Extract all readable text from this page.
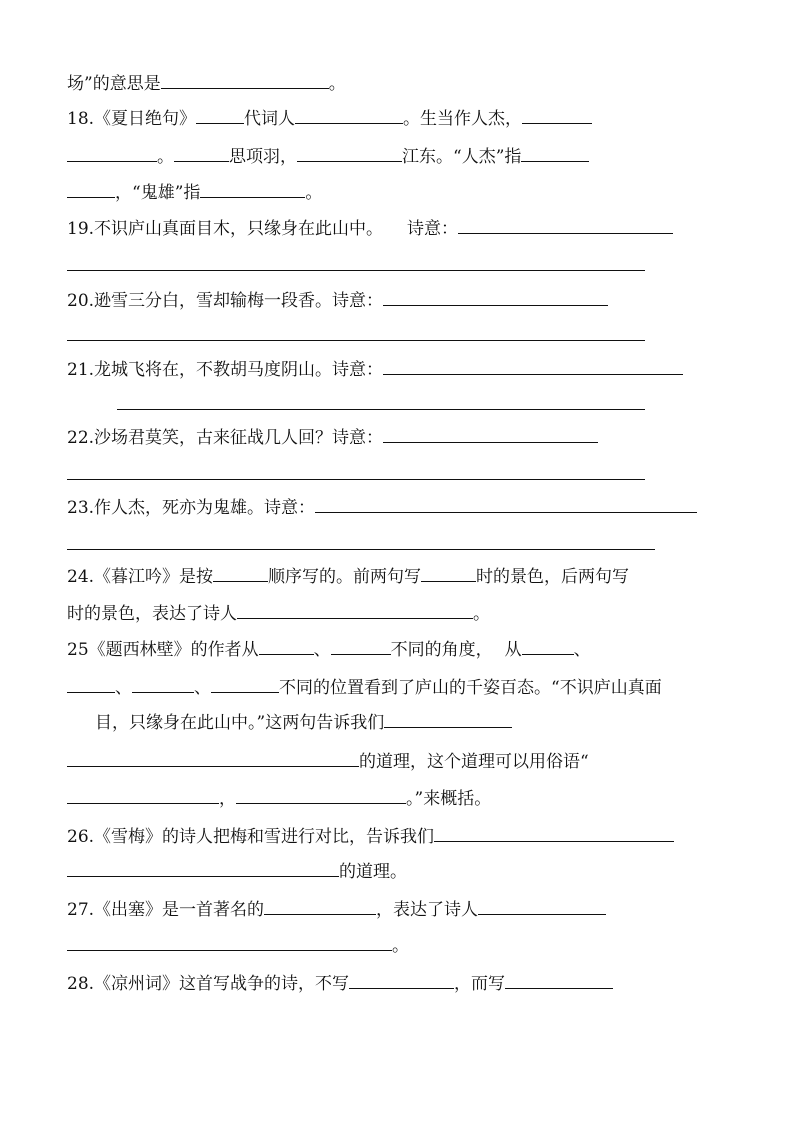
场”的意思是	。
18.《夏日绝句》	代词人	。生当作人杰，
。	思项羽，	江东。“人杰”指
，“鬼雄”指	。
19.不识庐山真面目木，只缘身在此山中。 诗意：
20.逊雪三分白，雪却输梅一段香。诗意：
21.龙城飞将在，不教胡马度阴山。诗意：
22.沙场君莫笑，古来征战几人回？诗意：
23.作人杰，死亦为鬼雄。诗意：
24.《暮江吟》是按	顺序写的。前两句写	时的景色，后两句写
时的景色，表达了诗人	。
25《题西林壁》的作者从	、	不同的角度， 从	、
、	、	不同的位置看到了庐山的千姿百态。“不识庐山真面
目，只缘身在此山中。”这两句告诉我们
的道理，这个道理可以用俗语“
，	。”来概括。
26.《雪梅》的诗人把梅和雪进行对比，告诉我们
的道理。
27.《出塞》是一首著名的	，表达了诗人
。
28.《凉州词》这首写战争的诗，不写	，而写
